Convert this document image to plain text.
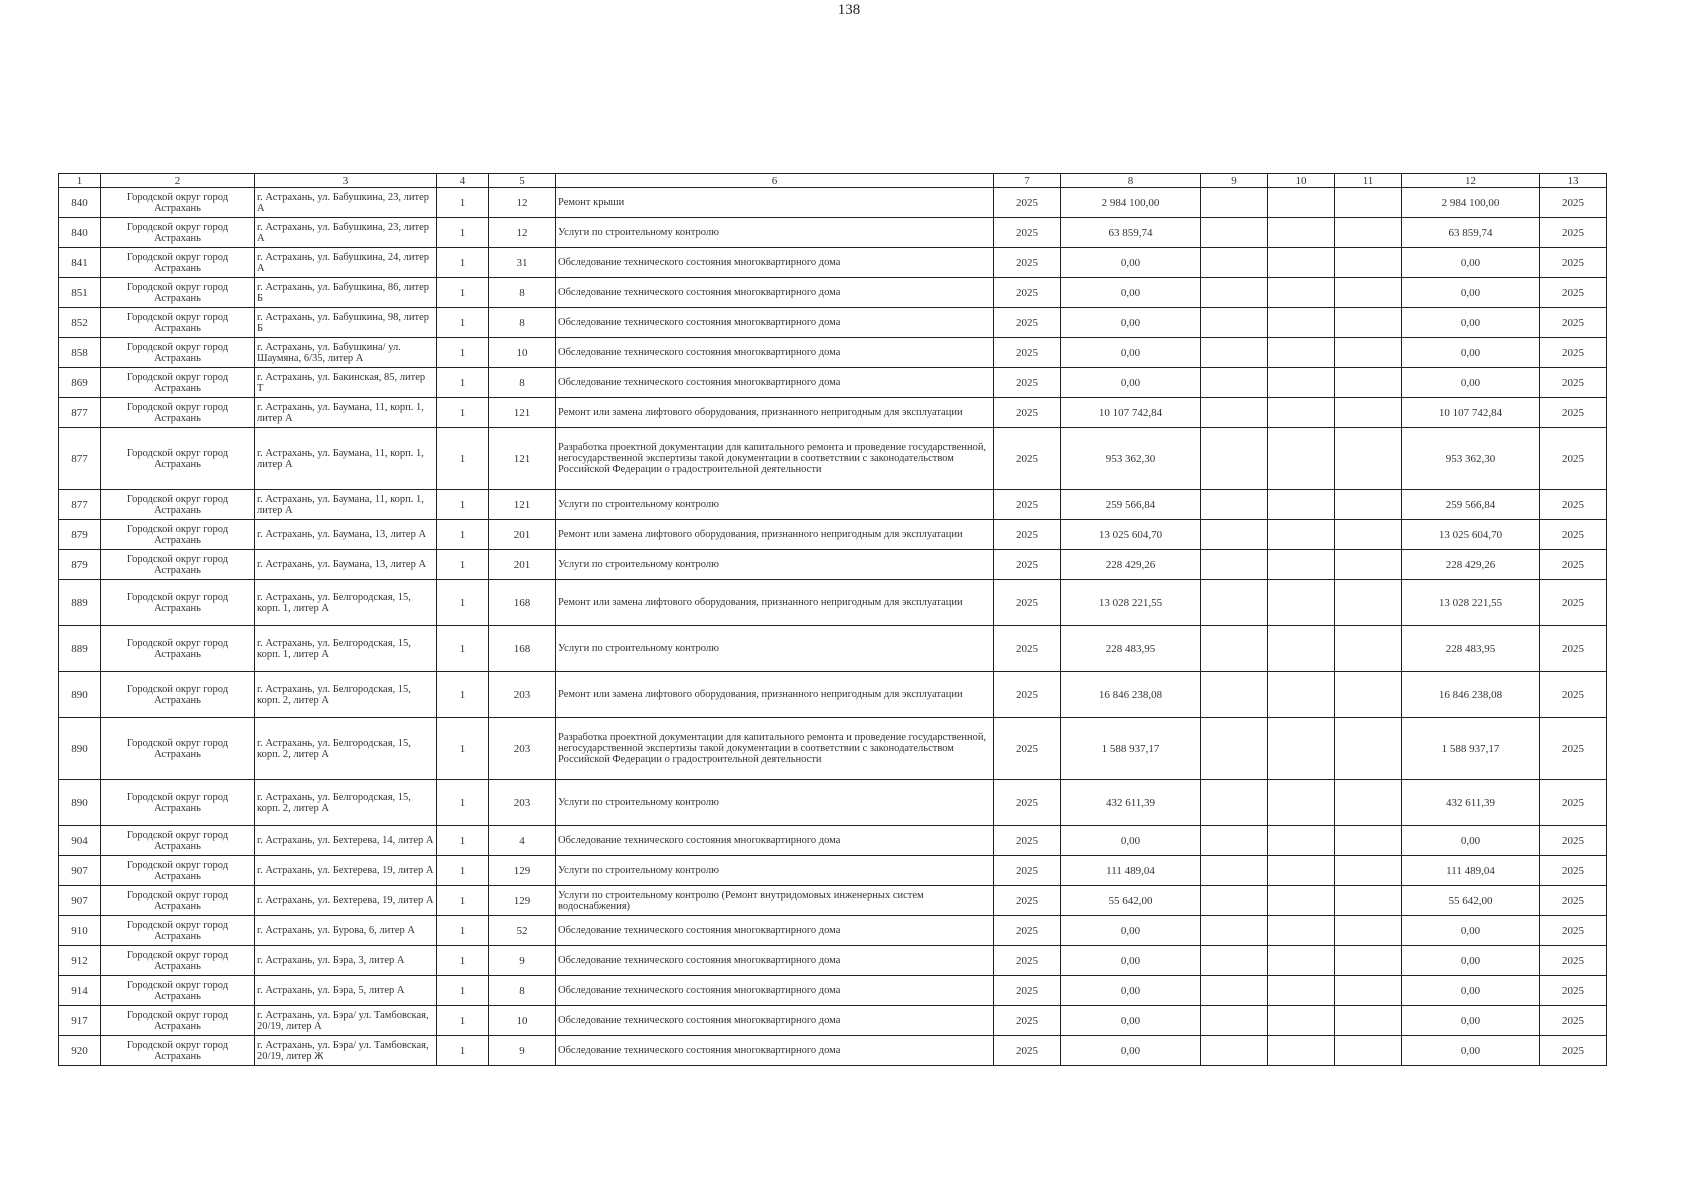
138
1	2	3	4	5	6	7	8	9	10	11	12	13
840	Городской округ город Астрахань	г. Астрахань, ул. Бабушкина, 23, литер А	1	12	Ремонт крыши	2025	2 984 100,00				2 984 100,00	2025
840	Городской округ город Астрахань	г. Астрахань, ул. Бабушкина, 23, литер А	1	12	Услуги по строительному контролю	2025	63 859,74				63 859,74	2025
841	Городской округ город Астрахань	г. Астрахань, ул. Бабушкина, 24, литер А	1	31	Обследование технического состояния многоквартирного дома	2025	0,00				0,00	2025
851	Городской округ город Астрахань	г. Астрахань, ул. Бабушкина, 86, литер Б	1	8	Обследование технического состояния многоквартирного дома	2025	0,00				0,00	2025
852	Городской округ город Астрахань	г. Астрахань, ул. Бабушкина, 98, литер Б	1	8	Обследование технического состояния многоквартирного дома	2025	0,00				0,00	2025
858	Городской округ город Астрахань	г. Астрахань, ул. Бабушкина/ ул. Шаумяна, 6/35, литер А	1	10	Обследование технического состояния многоквартирного дома	2025	0,00				0,00	2025
869	Городской округ город Астрахань	г. Астрахань, ул. Бакинская, 85, литер Т	1	8	Обследование технического состояния многоквартирного дома	2025	0,00				0,00	2025
877	Городской округ город Астрахань	г. Астрахань, ул. Баумана, 11, корп. 1, литер А	1	121	Ремонт или замена лифтового оборудования, признанного непригодным для эксплуатации	2025	10 107 742,84				10 107 742,84	2025
877	Городской округ город Астрахань	г. Астрахань, ул. Баумана, 11, корп. 1, литер А	1	121	Разработка проектной документации для капитального ремонта и проведение государственной, негосударственной экспертизы такой документации в соответствии с законодательством Российской Федерации о градостроительной деятельности	2025	953 362,30				953 362,30	2025
877	Городской округ город Астрахань	г. Астрахань, ул. Баумана, 11, корп. 1, литер А	1	121	Услуги по строительному контролю	2025	259 566,84				259 566,84	2025
879	Городской округ город Астрахань	г. Астрахань, ул. Баумана, 13, литер А	1	201	Ремонт или замена лифтового оборудования, признанного непригодным для эксплуатации	2025	13 025 604,70				13 025 604,70	2025
879	Городской округ город Астрахань	г. Астрахань, ул. Баумана, 13, литер А	1	201	Услуги по строительному контролю	2025	228 429,26				228 429,26	2025
889	Городской округ город Астрахань	г. Астрахань, ул. Белгородская, 15, корп. 1, литер А	1	168	Ремонт или замена лифтового оборудования, признанного непригодным для эксплуатации	2025	13 028 221,55				13 028 221,55	2025
889	Городской округ город Астрахань	г. Астрахань, ул. Белгородская, 15, корп. 1, литер А	1	168	Услуги по строительному контролю	2025	228 483,95				228 483,95	2025
890	Городской округ город Астрахань	г. Астрахань, ул. Белгородская, 15, корп. 2, литер А	1	203	Ремонт или замена лифтового оборудования, признанного непригодным для эксплуатации	2025	16 846 238,08				16 846 238,08	2025
890	Городской округ город Астрахань	г. Астрахань, ул. Белгородская, 15, корп. 2, литер А	1	203	Разработка проектной документации для капитального ремонта и проведение государственной, негосударственной экспертизы такой документации в соответствии с законодательством Российской Федерации о градостроительной деятельности	2025	1 588 937,17				1 588 937,17	2025
890	Городской округ город Астрахань	г. Астрахань, ул. Белгородская, 15, корп. 2, литер А	1	203	Услуги по строительному контролю	2025	432 611,39				432 611,39	2025
904	Городской округ город Астрахань	г. Астрахань, ул. Бехтерева, 14, литер А	1	4	Обследование технического состояния многоквартирного дома	2025	0,00				0,00	2025
907	Городской округ город Астрахань	г. Астрахань, ул. Бехтерева, 19, литер А	1	129	Услуги по строительному контролю	2025	111 489,04				111 489,04	2025
907	Городской округ город Астрахань	г. Астрахань, ул. Бехтерева, 19, литер А	1	129	Услуги по строительному контролю (Ремонт внутридомовых инженерных систем водоснабжения)	2025	55 642,00				55 642,00	2025
910	Городской округ город Астрахань	г. Астрахань, ул. Бурова, 6, литер А	1	52	Обследование технического состояния многоквартирного дома	2025	0,00				0,00	2025
912	Городской округ город Астрахань	г. Астрахань, ул. Бэра, 3, литер А	1	9	Обследование технического состояния многоквартирного дома	2025	0,00				0,00	2025
914	Городской округ город Астрахань	г. Астрахань, ул. Бэра, 5, литер А	1	8	Обследование технического состояния многоквартирного дома	2025	0,00				0,00	2025
917	Городской округ город Астрахань	г. Астрахань, ул. Бэра/ ул. Тамбовская, 20/19, литер А	1	10	Обследование технического состояния многоквартирного дома	2025	0,00				0,00	2025
920	Городской округ город Астрахань	г. Астрахань, ул. Бэра/ ул. Тамбовская, 20/19, литер Ж	1	9	Обследование технического состояния многоквартирного дома	2025	0,00				0,00	2025
